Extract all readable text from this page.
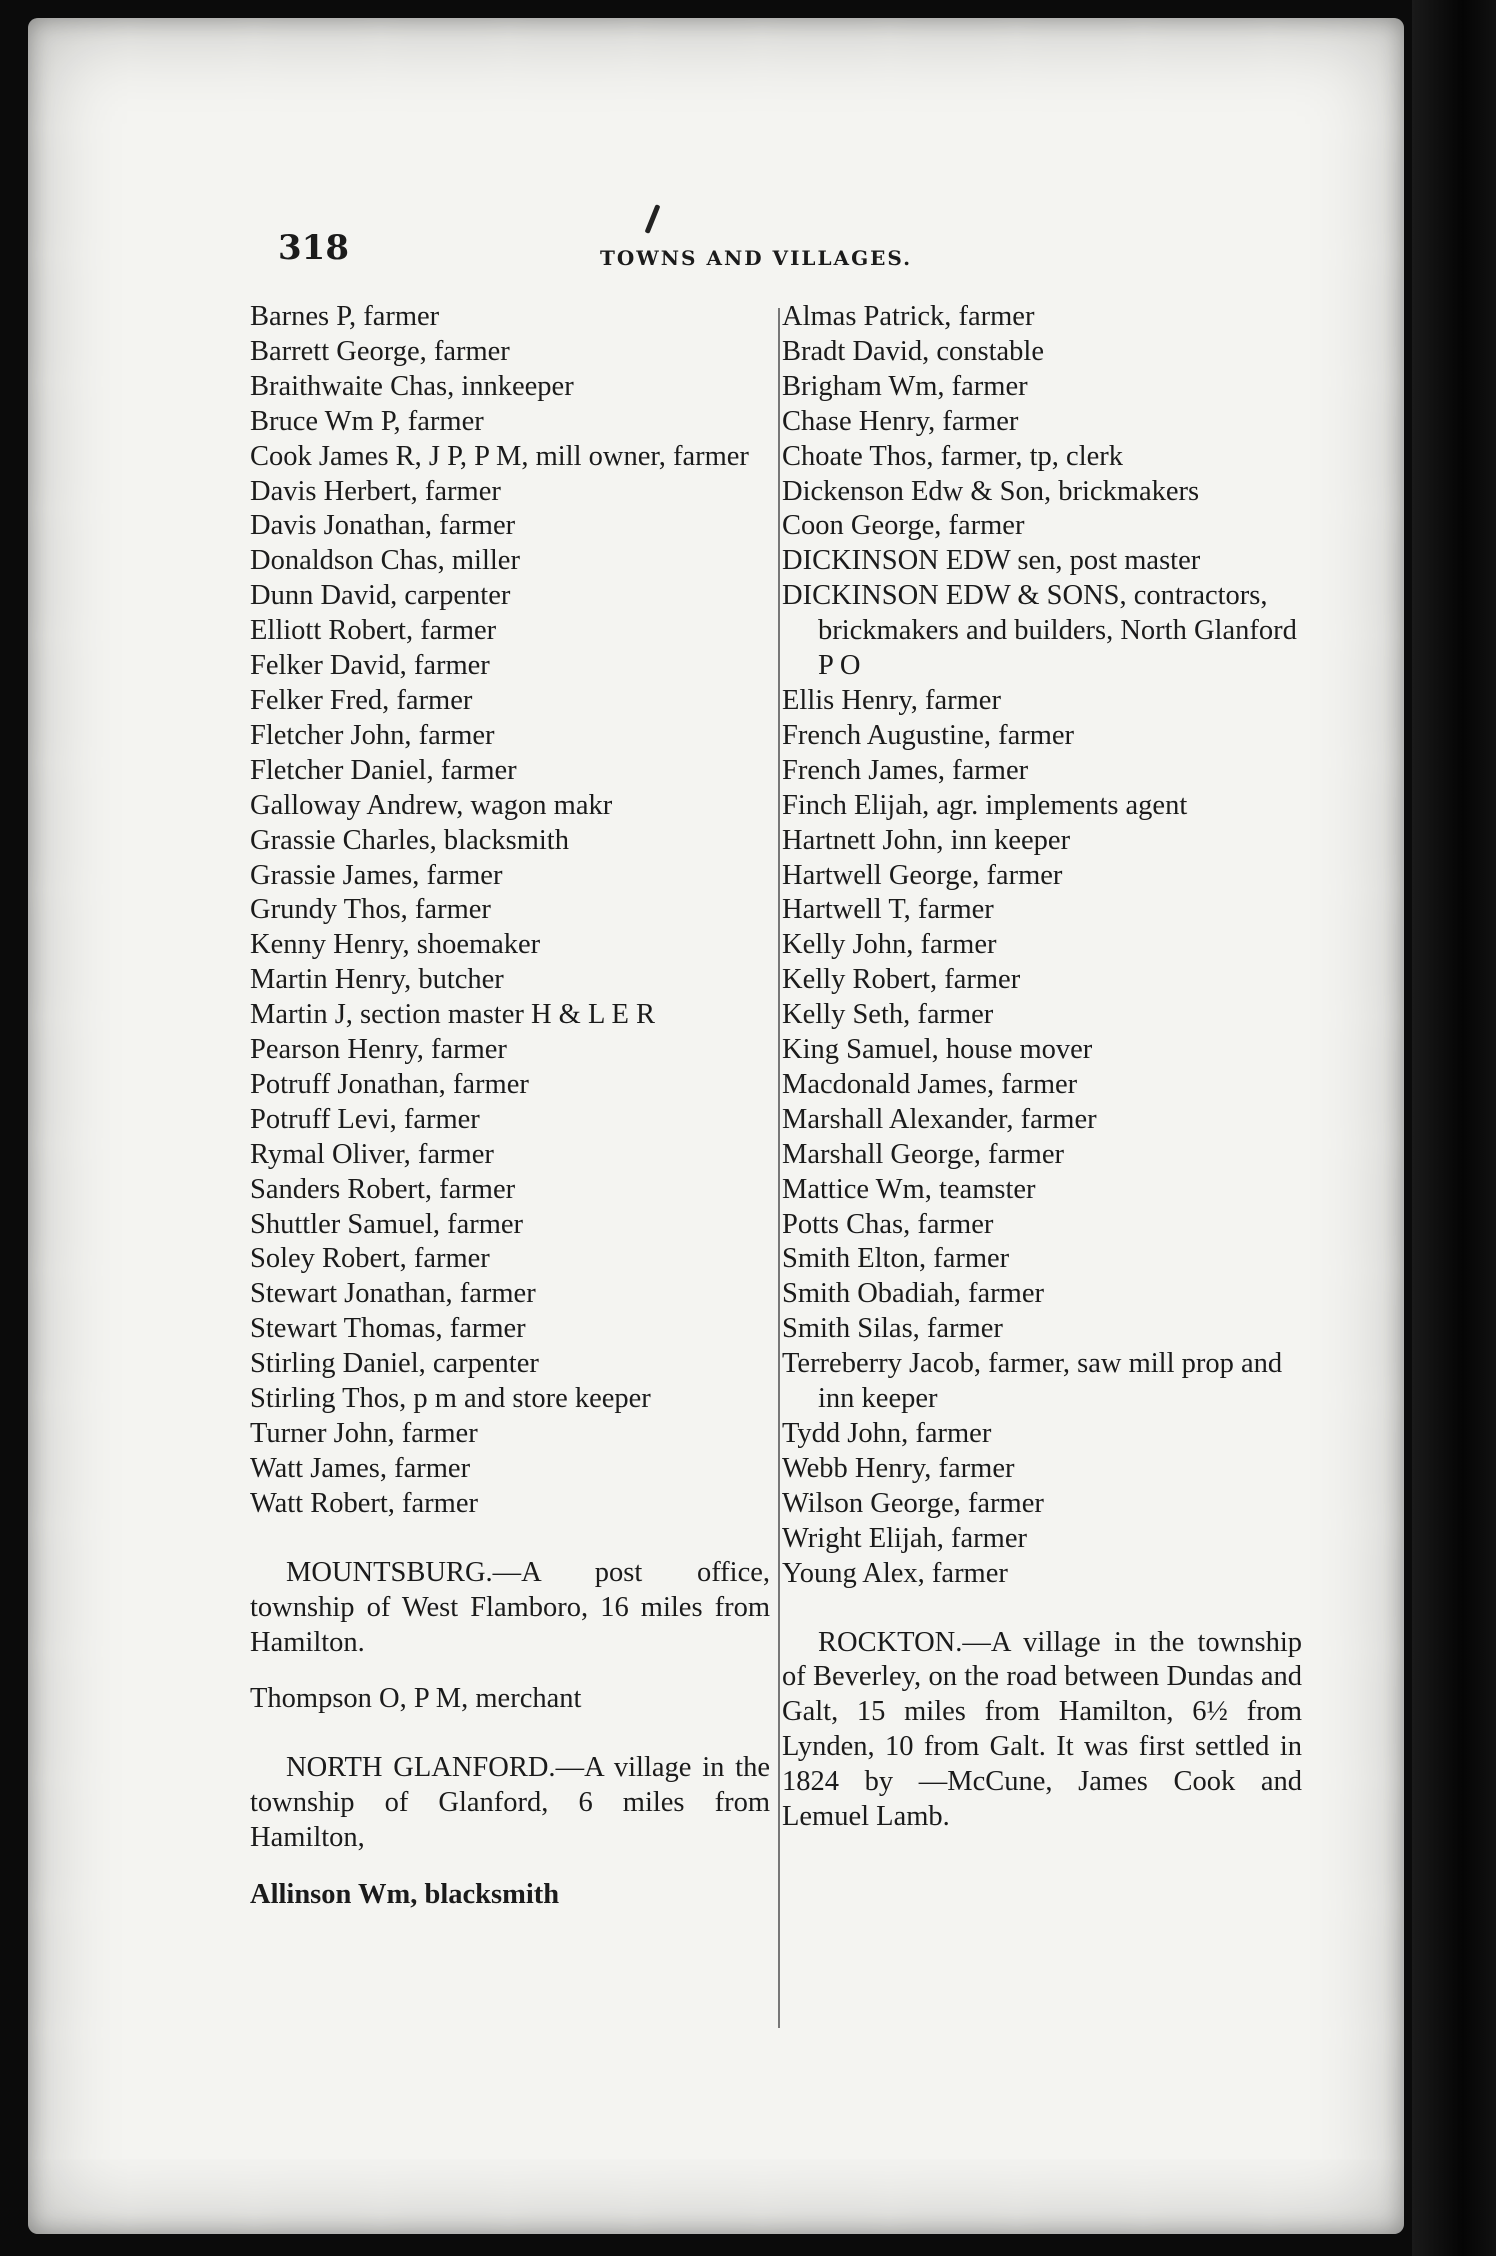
318	TOWNS AND VILLAGES.
Barnes P, farmer
Barrett George, farmer
Braithwaite Chas, innkeeper
Bruce Wm P, farmer
Cook James R, J P, P M, mill owner, farmer
Davis Herbert, farmer
Davis Jonathan, farmer
Donaldson Chas, miller
Dunn David, carpenter
Elliott Robert, farmer
Felker David, farmer
Felker Fred, farmer
Fletcher John, farmer
Fletcher Daniel, farmer
Galloway Andrew, wagon makr
Grassie Charles, blacksmith
Grassie James, farmer
Grundy Thos, farmer
Kenny Henry, shoemaker
Martin Henry, butcher
Martin J, section master H & L E R
Pearson Henry, farmer
Potruff Jonathan, farmer
Potruff Levi, farmer
Rymal Oliver, farmer
Sanders Robert, farmer
Shuttler Samuel, farmer
Soley Robert, farmer
Stewart Jonathan, farmer
Stewart Thomas, farmer
Stirling Daniel, carpenter
Stirling Thos, p m and store keeper
Turner John, farmer
Watt James, farmer
Watt Robert, farmer
MOUNTSBURG.—A post office, township of West Flamboro, 16 miles from Hamilton.
Thompson O, P M, merchant
NORTH GLANFORD.—A village in the township of Glanford, 6 miles from Hamilton,
Allinson Wm, blacksmith
Almas Patrick, farmer
Bradt David, constable
Brigham Wm, farmer
Chase Henry, farmer
Choate Thos, farmer, tp, clerk
Dickenson Edw & Son, brickmakers
Coon George, farmer
DICKINSON EDW sen, post master
DICKINSON EDW & SONS, contractors, brickmakers and builders, North Glanford P O
Ellis Henry, farmer
French Augustine, farmer
French James, farmer
Finch Elijah, agr. implements agent
Hartnett John, inn keeper
Hartwell George, farmer
Hartwell T, farmer
Kelly John, farmer
Kelly Robert, farmer
Kelly Seth, farmer
King Samuel, house mover
Macdonald James, farmer
Marshall Alexander, farmer
Marshall George, farmer
Mattice Wm, teamster
Potts Chas, farmer
Smith Elton, farmer
Smith Obadiah, farmer
Smith Silas, farmer
Terreberry Jacob, farmer, saw mill prop and inn keeper
Tydd John, farmer
Webb Henry, farmer
Wilson George, farmer
Wright Elijah, farmer
Young Alex, farmer
ROCKTON.—A village in the township of Beverley, on the road between Dundas and Galt, 15 miles from Hamilton, 6½ from Lynden, 10 from Galt. It was first settled in 1824 by —McCune, James Cook and Lemuel Lamb.
